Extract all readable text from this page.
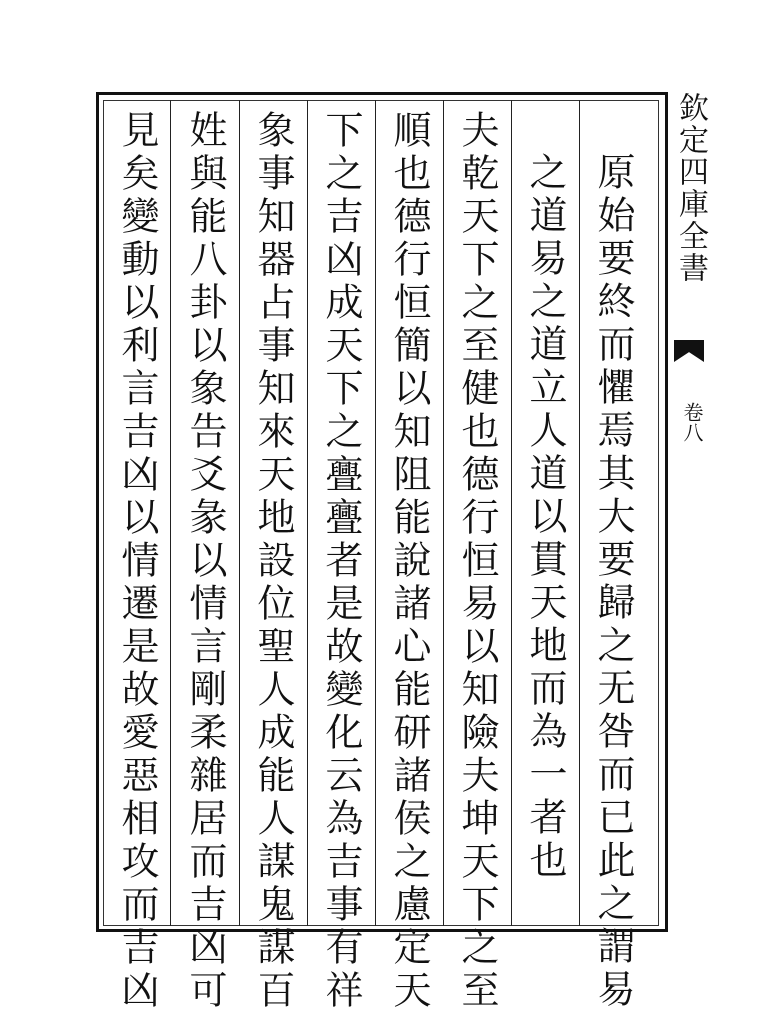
原始要終而懼焉其大要歸之无咎而已此之謂易
之道易之道立人道以貫天地而為一者也
夫乾天下之至健也德行恒易以知險夫坤天下之至
順也德行恒簡以知阻能說諸心能研諸侯之慮定天
下之吉凶成天下之亹亹者是故變化云為吉事有祥
象事知器占事知來天地設位聖人成能人謀鬼謀百
姓與能八卦以象告爻彖以情言剛柔雜居而吉凶可
見矣變動以利言吉凶以情遷是故愛惡相攻而吉凶	欽定四庫全書
卷八
